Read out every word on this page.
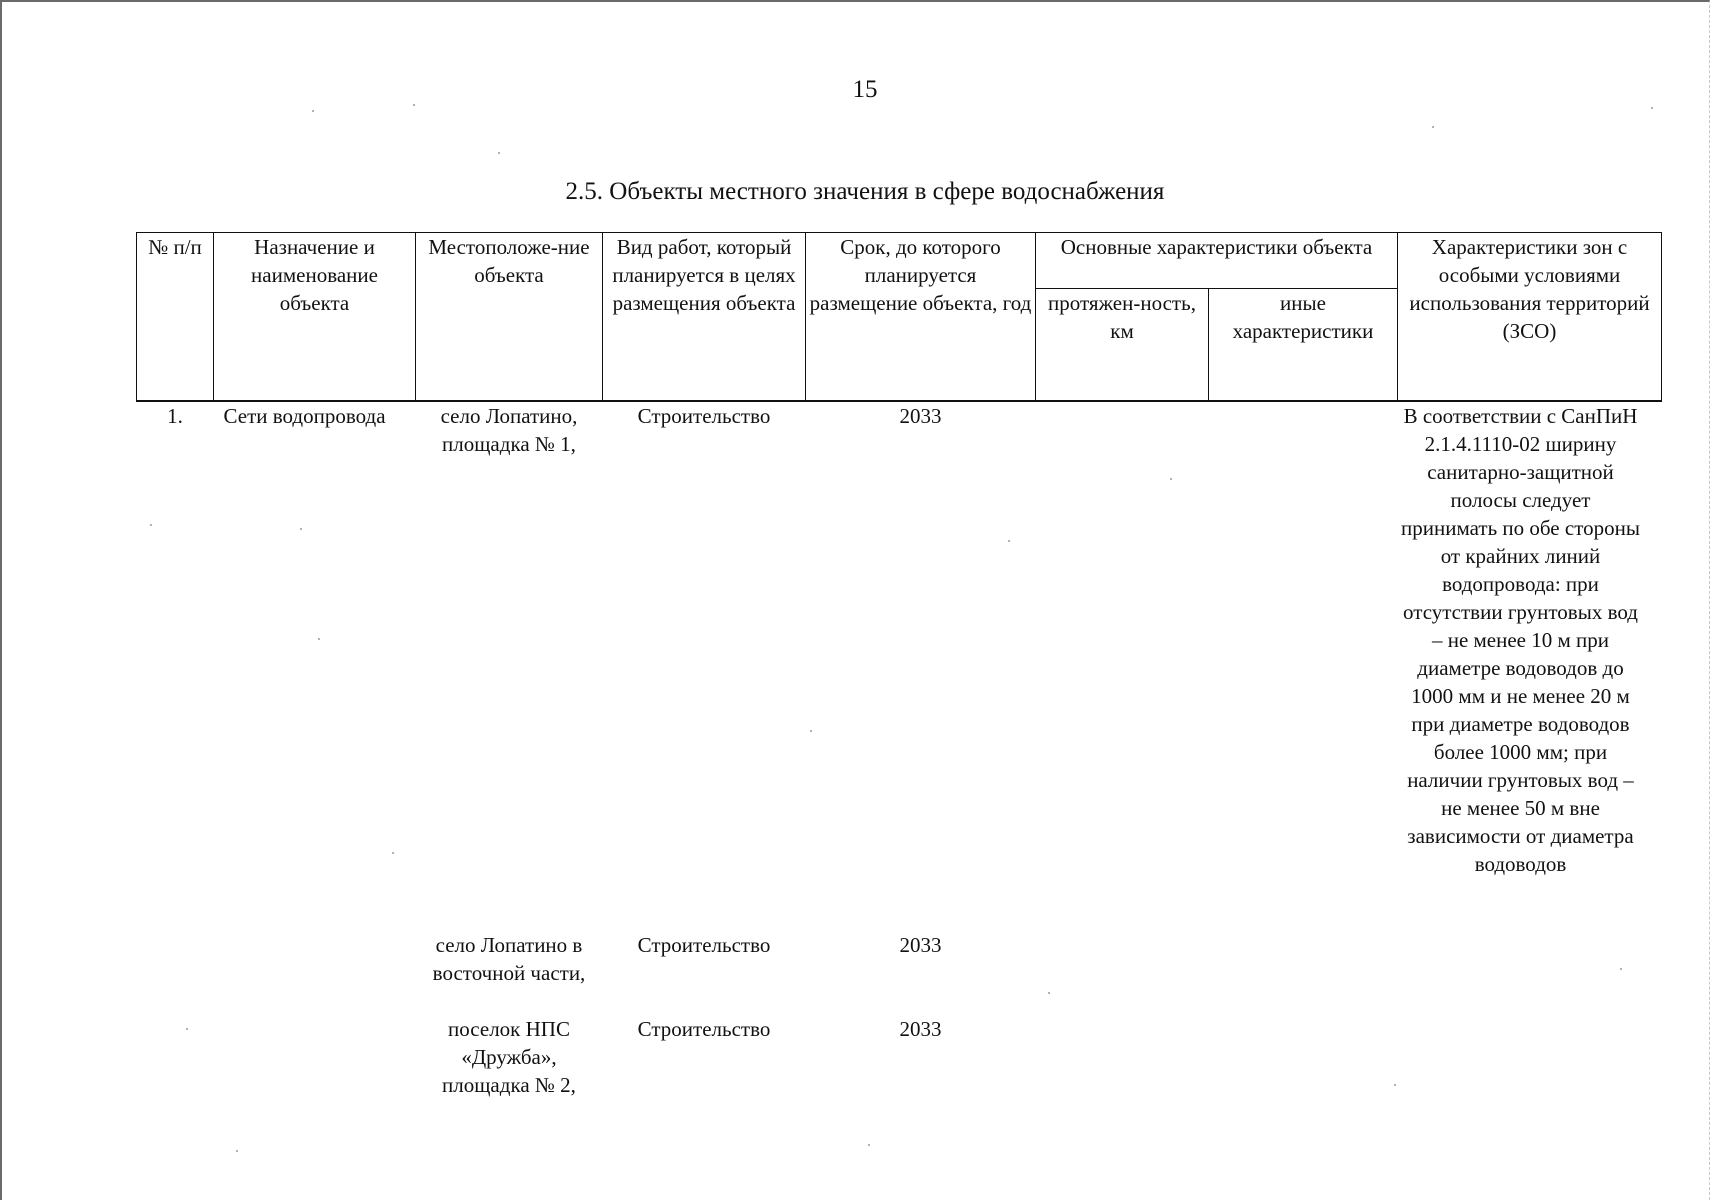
15
2.5. Объекты местного значения в сфере водоснабжения
№ п/п	Назначение и наименование объекта	Местоположе-ние объекта	Вид работ, который планируется в целях размещения объекта	Срок, до которого планируется размещение объекта, год	Основные характеристики объекта		Характеристики зон с особыми условиями использования территорий (ЗСО)
					протяжен-ность, км	иные характеристики	
1.	Сети водопровода	село Лопатино, площадка № 1,	Строительство	2033			В соответствии с СанПиН 2.1.4.1110-02 ширину санитарно-защитной полосы следует принимать по обе стороны от крайних линий водопровода: при отсутствии грунтовых вод – не менее 10 м при диаметре водоводов до 1000 мм и не менее 20 м при диаметре водоводов более 1000 мм; при наличии грунтовых вод – не менее 50 м вне зависимости от диаметра водоводов

		село Лопатино в восточной части,	Строительство	2033			
		поселок НПС «Дружба», площадка № 2,	Строительство	2033			
